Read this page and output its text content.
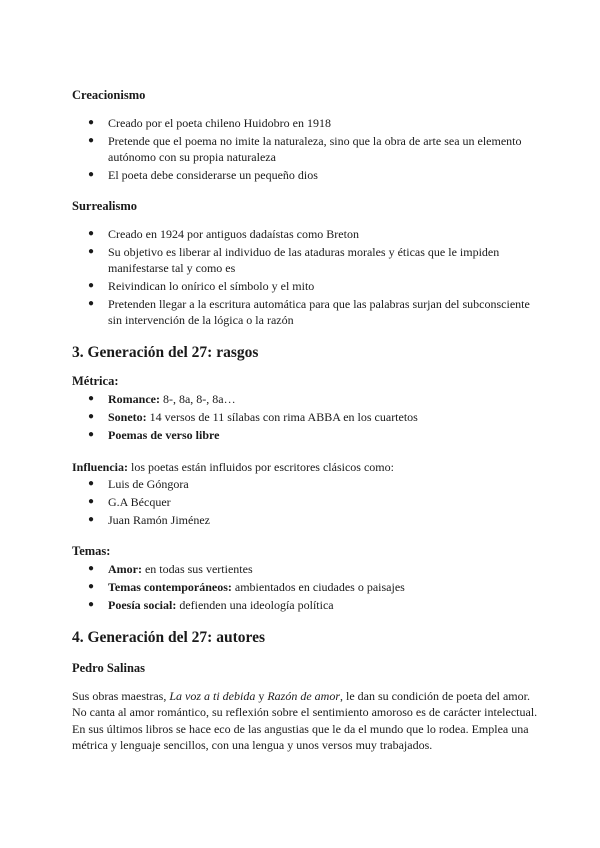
Creacionismo
● Creado por el poeta chileno Huidobro en 1918
● Pretende que el poema no imite la naturaleza, sino que la obra de arte sea un elemento autónomo con su propia naturaleza
● El poeta debe considerarse un pequeño dios
Surrealismo
● Creado en 1924 por antiguos dadaístas como Breton
● Su objetivo es liberar al individuo de las ataduras morales y éticas que le impiden manifestarse tal y como es
● Reivindican lo onírico el símbolo y el mito
● Pretenden llegar a la escritura automática para que las palabras surjan del subconsciente sin intervención de la lógica o la razón
3. Generación del 27: rasgos
Métrica:
● Romance: 8-, 8a, 8-, 8a…
● Soneto: 14 versos de 11 sílabas con rima ABBA en los cuartetos
● Poemas de verso libre

Influencia: los poetas están influidos por escritores clásicos como:

● Luis de Góngora
● G.A Bécquer
● Juan Ramón Jiménez
Temas:
● Amor: en todas sus vertientes
● Temas contemporáneos: ambientados en ciudades o paisajes
● Poesía social: defienden una ideología política
4. Generación del 27: autores
Pedro Salinas

Sus obras maestras, La voz a ti debida y Razón de amor, le dan su condición de poeta del amor. No canta al amor romántico, su reflexión sobre el sentimiento amoroso es de carácter intelectual.

En sus últimos libros se hace eco de las angustias que le da el mundo que lo rodea. Emplea una métrica y lenguaje sencillos, con una lengua y unos versos muy trabajados.
